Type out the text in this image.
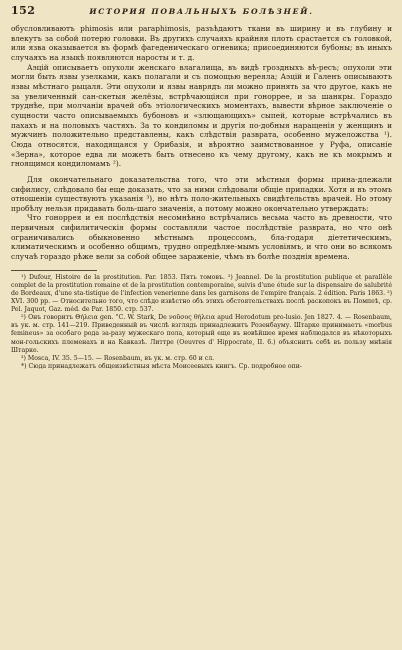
152	ИСТОРИЯ ПОВАЛЬНЫХЪ БОЛѢЗНЕЙ.

обусловливаютъ phimosis или paraphimosis, разъѣдаютъ ткани въ ширину и въ глубину и влекутъ за собой потерю головки. Въ другихъ случаяхъ крайняя плоть срастается съ головкой, или язва оказывается въ формѣ фагеденическаго огневика; присоединяются бубоны; въ иныхъ случаяхъ на языкѣ появляются наросты и т. д.

Аэцій описываетъ опухоли женскаго влагалища, въ видѣ гроздныхъ вѣ-ресъ; опухоли эти могли быть язвы узелками, какъ полагали и съ помощью вереяла; Аэцій и Галенъ описываютъ язвы мѣстнаго рыцаля. Эти опухоли и язвы наврядъ ли можно принять за что другое, какъ не за увеличенный сан-скетыя желёзы, встрѣчающіяся при гоноррее, и за шанкры. Гораздо труднѣе, при молчаніи врачей объ этіологическихъ моментахъ, вывести вѣрное заключеніе о сущности часто описываемыхъ бубоновъ и «злющающихъ» сыпей, которые встрѣчались въ пахахъ и на половыхъ частяхъ. За то кондиломы и другія по-добныя наращенія у женщинъ и мужчинъ положительно представлены, какъ слѣдствія разврата, особенно мужеложства ¹). Сюда относятся, находящаяся у Орибазія, и вѣроятно заимствованное у Руфа, описаніе «Зерна», которое едва ли можетъ быть отнесено къ чему другому, какъ не къ мокрымъ и гноящимся кондиломамъ ²).

Для окончательнаго доказательства того, что эти мѣстныя формы прина-длежали сифилису, слѣдовало бы еще доказать, что за ними слѣдовали общіе припадки. Хотя и въ этомъ отношеніи существуютъ указанія ³), но нѣтъ поло-жительныхъ свидѣтельствъ врачей. Но этому пробѣлу нельзя придавать боль-шаго значенія, а потому можно окончательно утверждать:

Что гоноррея и ея послѣдствія несомнѣнно встрѣчались весьма часто въ древности, что первичныя сифилитическія формы составляли частое послѣдствіе разврата, но что онѣ ограничивались обыкновенно мѣстнымъ процессомъ, бла-годаря діететическимъ, климатическимъ и особенно общимъ, трудно опредѣляе-мымъ условіямъ, и что они во всякомъ случаѣ гораздо рѣже вели за собой общее зараженіе, чѣмъ въ болѣе позднія времена.

¹) Dufour, Histoire de la prostitution. Par. 1853. Пять томовъ. ²) Jeannel. De la prostitution publique et parallèle complet de la prostitution romaine et de la prostitution contemporaine, suivis d'une étude sur la dispensaire de salubrité de Bordeaux, d'une sta-tistique de l'infection venerienne dans les garnisons de l'empire français. 2 édition. Paris 1863. ²) XVI. 300 pp. — Относительно того, что слѣдо извѣстно объ этихъ обстоятельствахъ послѣ раскопокъ въ Помпеѣ, ср. Pel. Jaquot, Gaz. méd. de Par. 1850. стр. 537.

²) Онъ говоритъ Θήλεια gen. "С. W. Stark, De νοῦσος θήλεια apud Herodotum pro-lusio. Jen 1827. 4. — Rosenbaum, въ ук. м. стр. 141—219. Приведенный въ числѣ взглядъ принадлежитъ Розенбауму. Штарке принимаетъ «morbus femineus» за особаго рода за-разу мужескаго пола, который еще въ новѣйшее время наблюдался въ нѣкоторыхъ мон-гольскихъ племенахъ и на Кавказѣ. Литтре (Oeuvres d' Hippocrate, II. 6.) объяснитъ себѣ въ пользу мнѣнія Штарке.

³) Mosca, IV. 35. 5—15. — Rosenbaum, въ ук. м. стр. 60 и сл.

*) Сюда принадлежатъ общеизвѣстныя мѣста Моисеевыхъ книгъ. Ср. подробное опи-
